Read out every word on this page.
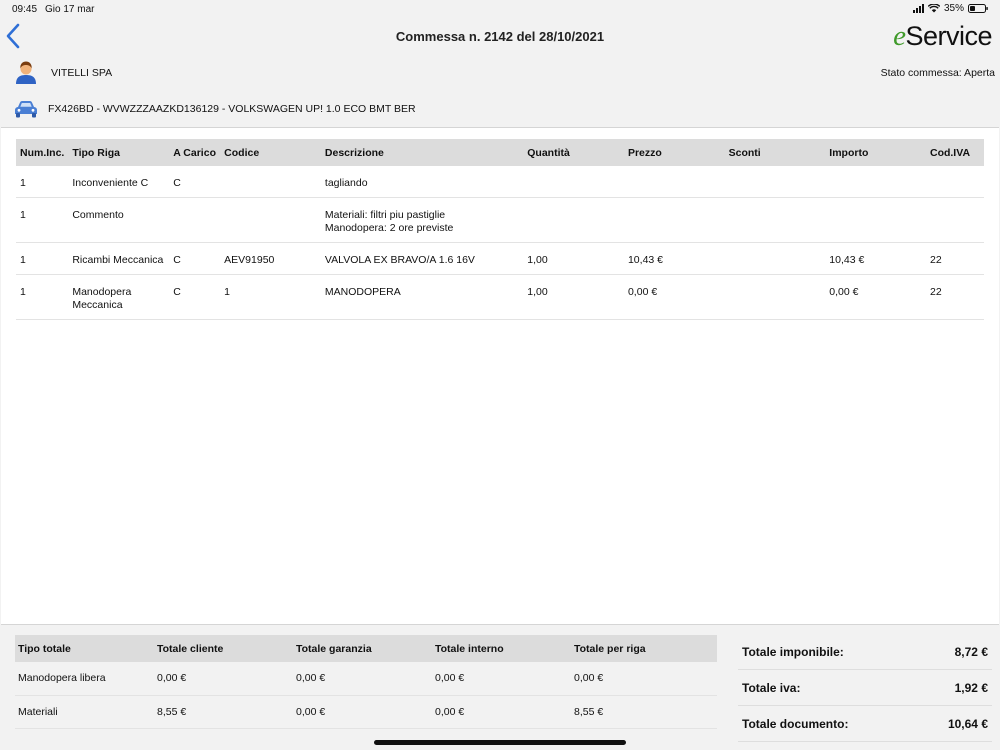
09:45 Gio 17 mar	35%
Commessa n. 2142 del 28/10/2021	eService
VITELLI SPA	Stato commessa: Aperta
FX426BD - WVWZZZAAZKD136129 - VOLKSWAGEN UP! 1.0 ECO BMT BER
Num.Inc.	Tipo Riga	A Carico	Codice	Descrizione	Quantità	Prezzo	Sconti	Importo	Cod.IVA
1	Inconveniente C	C		tagliando					
1	Commento			Materiali: filtri piu pastiglie
Manodopera: 2 ore previste					
1	Ricambi Meccanica	C	AEV91950	VALVOLA EX BRAVO/A 1.6 16V	1,00	10,43 €		10,43 €	22
1	Manodopera
Meccanica	C	1	MANODOPERA	1,00	0,00 €		0,00 €	22
Tipo totale	Totale cliente	Totale garanzia	Totale interno	Totale per riga
Manodopera libera	0,00 €	0,00 €	0,00 €	0,00 €
Materiali	8,55 €	0,00 €	0,00 €	8,55 €
Totale imponibile:	8,72 €
Totale iva:	1,92 €
Totale documento:	10,64 €
